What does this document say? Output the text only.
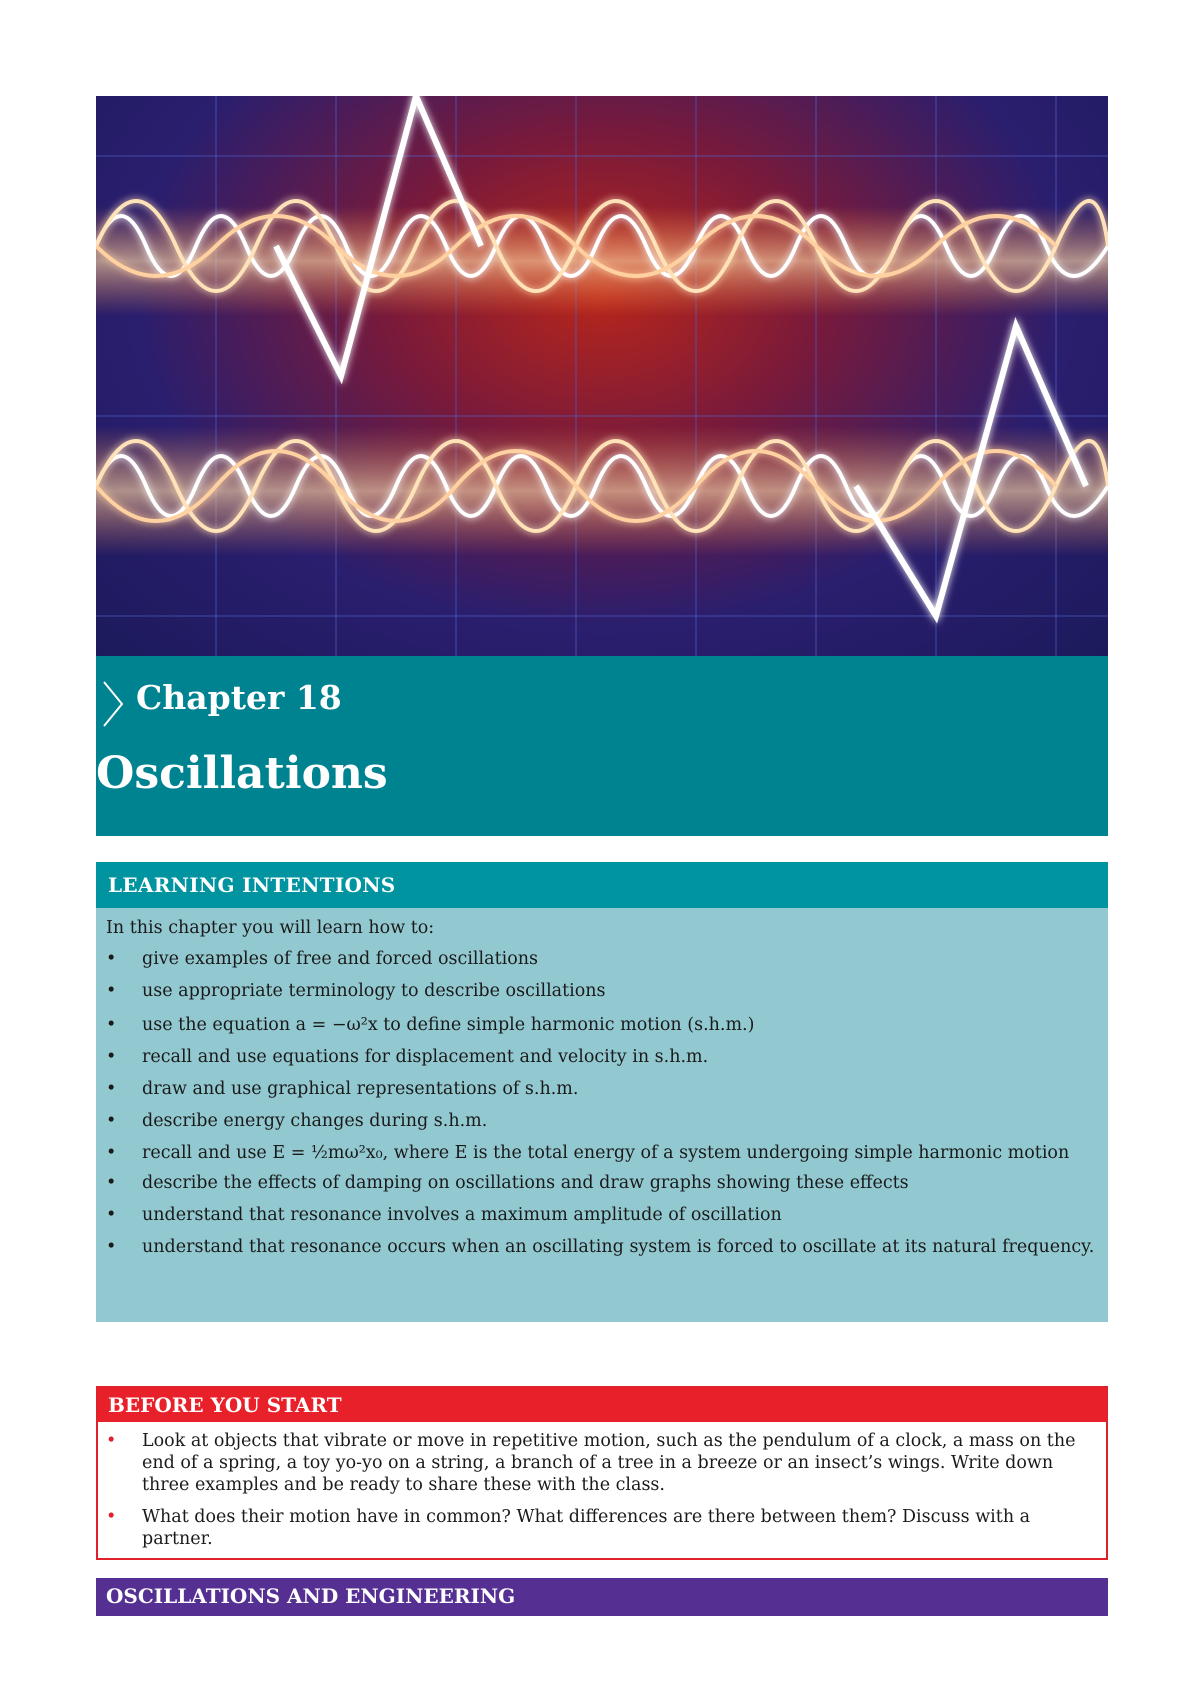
Chapter 18
Oscillations
LEARNING INTENTIONS
In this chapter you will learn how to:
• give examples of free and forced oscillations
• use appropriate terminology to describe oscillations
• use the equation a = −ω²x to define simple harmonic motion (s.h.m.)
• recall and use equations for displacement and velocity in s.h.m.
• draw and use graphical representations of s.h.m.
• describe energy changes during s.h.m.
• recall and use E = ½mω²x₀, where E is the total energy of a system undergoing simple harmonic motion
• describe the effects of damping on oscillations and draw graphs showing these effects
• understand that resonance involves a maximum amplitude of oscillation
• understand that resonance occurs when an oscillating system is forced to oscillate at its natural frequency.
BEFORE YOU START
• Look at objects that vibrate or move in repetitive motion, such as the pendulum of a clock, a mass on the end of a spring, a toy yo-yo on a string, a branch of a tree in a breeze or an insect’s wings. Write down three examples and be ready to share these with the class.
• What does their motion have in common? What differences are there between them? Discuss with a partner.
OSCILLATIONS AND ENGINEERING
